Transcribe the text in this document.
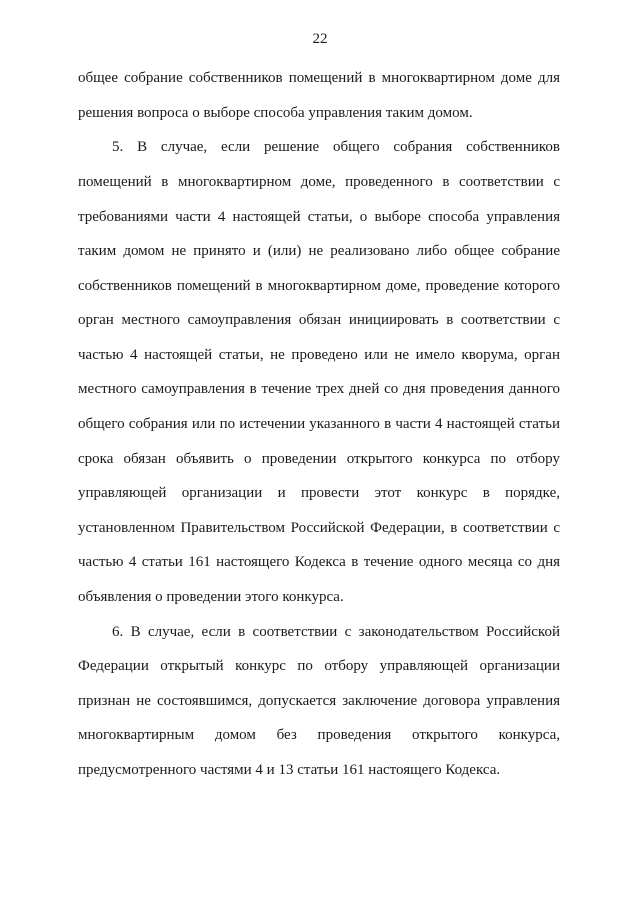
22
общее собрание собственников помещений в многоквартирном доме для
решения вопроса о выборе способа управления таким домом.
5. В случае, если решение общего собрания собственников
помещений в многоквартирном доме, проведенного в соответствии с
требованиями части 4 настоящей статьи, о выборе способа управления
таким домом не принято и (или) не реализовано либо общее собрание
собственников помещений в многоквартирном доме, проведение которого
орган местного самоуправления обязан инициировать в соответствии с
частью 4 настоящей статьи, не проведено или не имело кворума, орган
местного самоуправления в течение трех дней со дня проведения данного
общего собрания или по истечении указанного в части 4 настоящей статьи
срока обязан объявить о проведении открытого конкурса по отбору
управляющей организации и провести этот конкурс в порядке,
установленном Правительством Российской Федерации, в соответствии с
частью 4 статьи 161 настоящего Кодекса в течение одного месяца со дня
объявления о проведении этого конкурса.
6. В случае, если в соответствии с законодательством Российской
Федерации открытый конкурс по отбору управляющей организации
признан не состоявшимся, допускается заключение договора управления
многоквартирным домом без проведения открытого конкурса,
предусмотренного частями 4 и 13 статьи 161 настоящего Кодекса.
